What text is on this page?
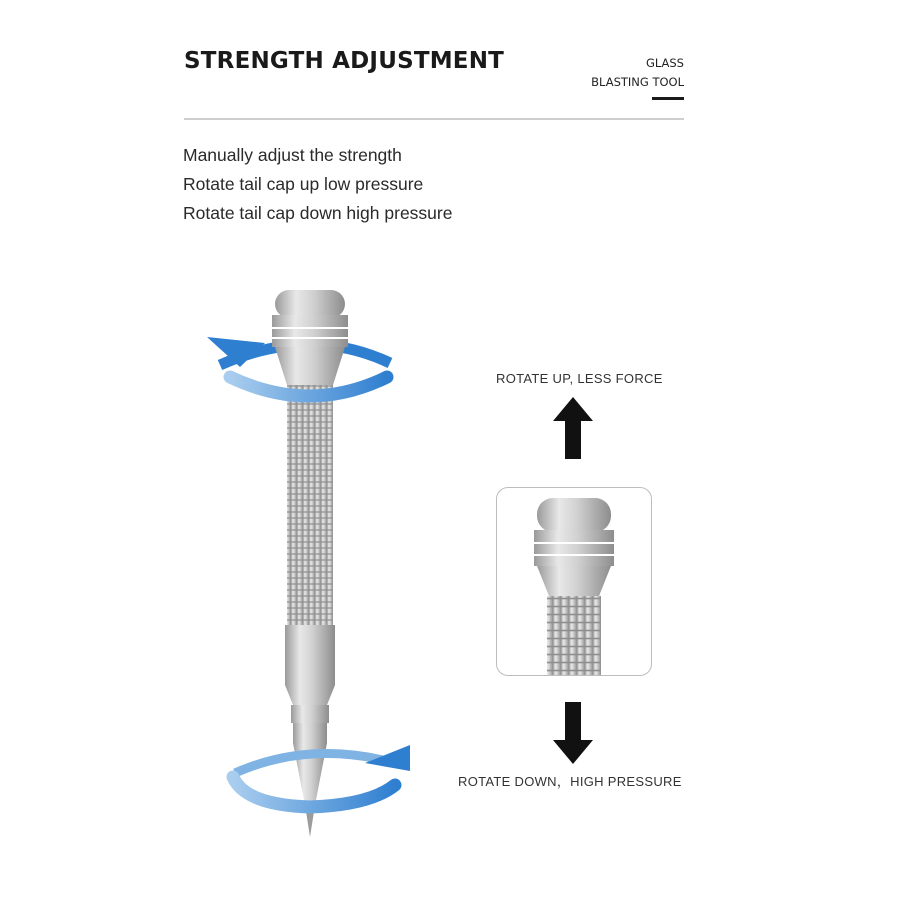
STRENGTH ADJUSTMENT	GLASS
BLASTING TOOL
Manually adjust the strength
Rotate tail cap up low pressure
Rotate tail cap down high pressure
ROTATE UP, LESS FORCE
ROTATE DOWN，HIGH PRESSURE
